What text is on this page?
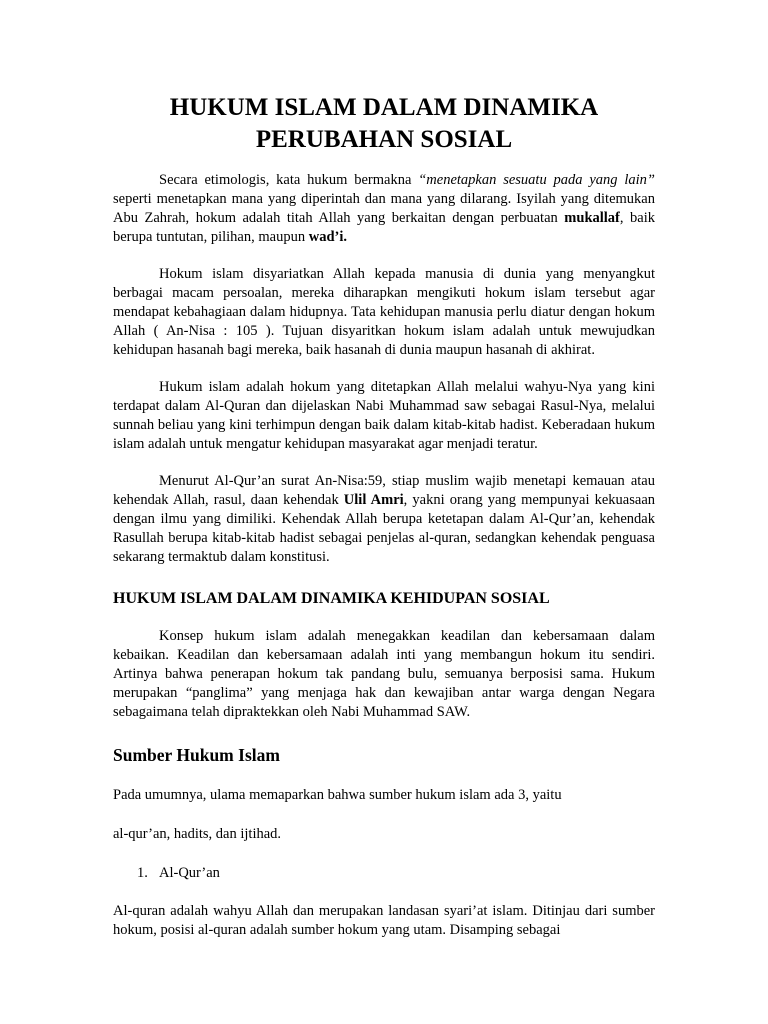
HUKUM ISLAM DALAM DINAMIKA
PERUBAHAN SOSIAL

Secara etimologis, kata hukum bermakna “menetapkan sesuatu pada yang lain” seperti menetapkan mana yang diperintah dan mana yang dilarang. Isyilah yang ditemukan Abu Zahrah, hokum adalah titah Allah yang berkaitan dengan perbuatan mukallaf, baik berupa tuntutan, pilihan, maupun wad’i.

Hokum islam disyariatkan Allah kepada manusia di dunia yang menyangkut berbagai macam persoalan, mereka diharapkan mengikuti hokum islam tersebut agar mendapat kebahagiaan dalam hidupnya. Tata kehidupan manusia perlu diatur dengan hokum Allah ( An-Nisa : 105 ). Tujuan disyaritkan hokum islam adalah untuk mewujudkan kehidupan hasanah bagi mereka, baik hasanah di dunia maupun hasanah di akhirat.

Hukum islam adalah hokum yang ditetapkan Allah melalui wahyu-Nya yang kini terdapat dalam Al-Quran dan dijelaskan Nabi Muhammad saw sebagai Rasul-Nya, melalui sunnah beliau yang kini terhimpun dengan baik dalam kitab-kitab hadist. Keberadaan hukum islam adalah untuk mengatur kehidupan masyarakat agar menjadi teratur.

Menurut Al-Qur’an surat An-Nisa:59, stiap muslim wajib menetapi kemauan atau kehendak Allah, rasul, daan kehendak Ulil Amri, yakni orang yang mempunyai kekuasaan dengan ilmu yang dimiliki. Kehendak Allah berupa ketetapan dalam Al-Qur’an, kehendak Rasullah berupa kitab-kitab hadist sebagai penjelas al-quran, sedangkan kehendak penguasa sekarang termaktub dalam konstitusi.

HUKUM ISLAM DALAM DINAMIKA KEHIDUPAN SOSIAL

Konsep hukum islam adalah menegakkan keadilan dan kebersamaan dalam kebaikan. Keadilan dan kebersamaan adalah inti yang membangun hokum itu sendiri. Artinya bahwa penerapan hokum tak pandang bulu, semuanya berposisi sama. Hukum merupakan “panglima” yang menjaga hak dan kewajiban antar warga dengan Negara sebagaimana telah dipraktekkan oleh Nabi Muhammad SAW.

Sumber Hukum Islam

Pada umumnya, ulama memaparkan bahwa sumber hukum islam ada 3, yaitu

al-qur’an, hadits, dan ijtihad.

1. Al-Qur’an

Al-quran adalah wahyu Allah dan merupakan landasan syari’at islam. Ditinjau dari sumber hokum, posisi al-quran adalah sumber hokum yang utam. Disamping sebagai
